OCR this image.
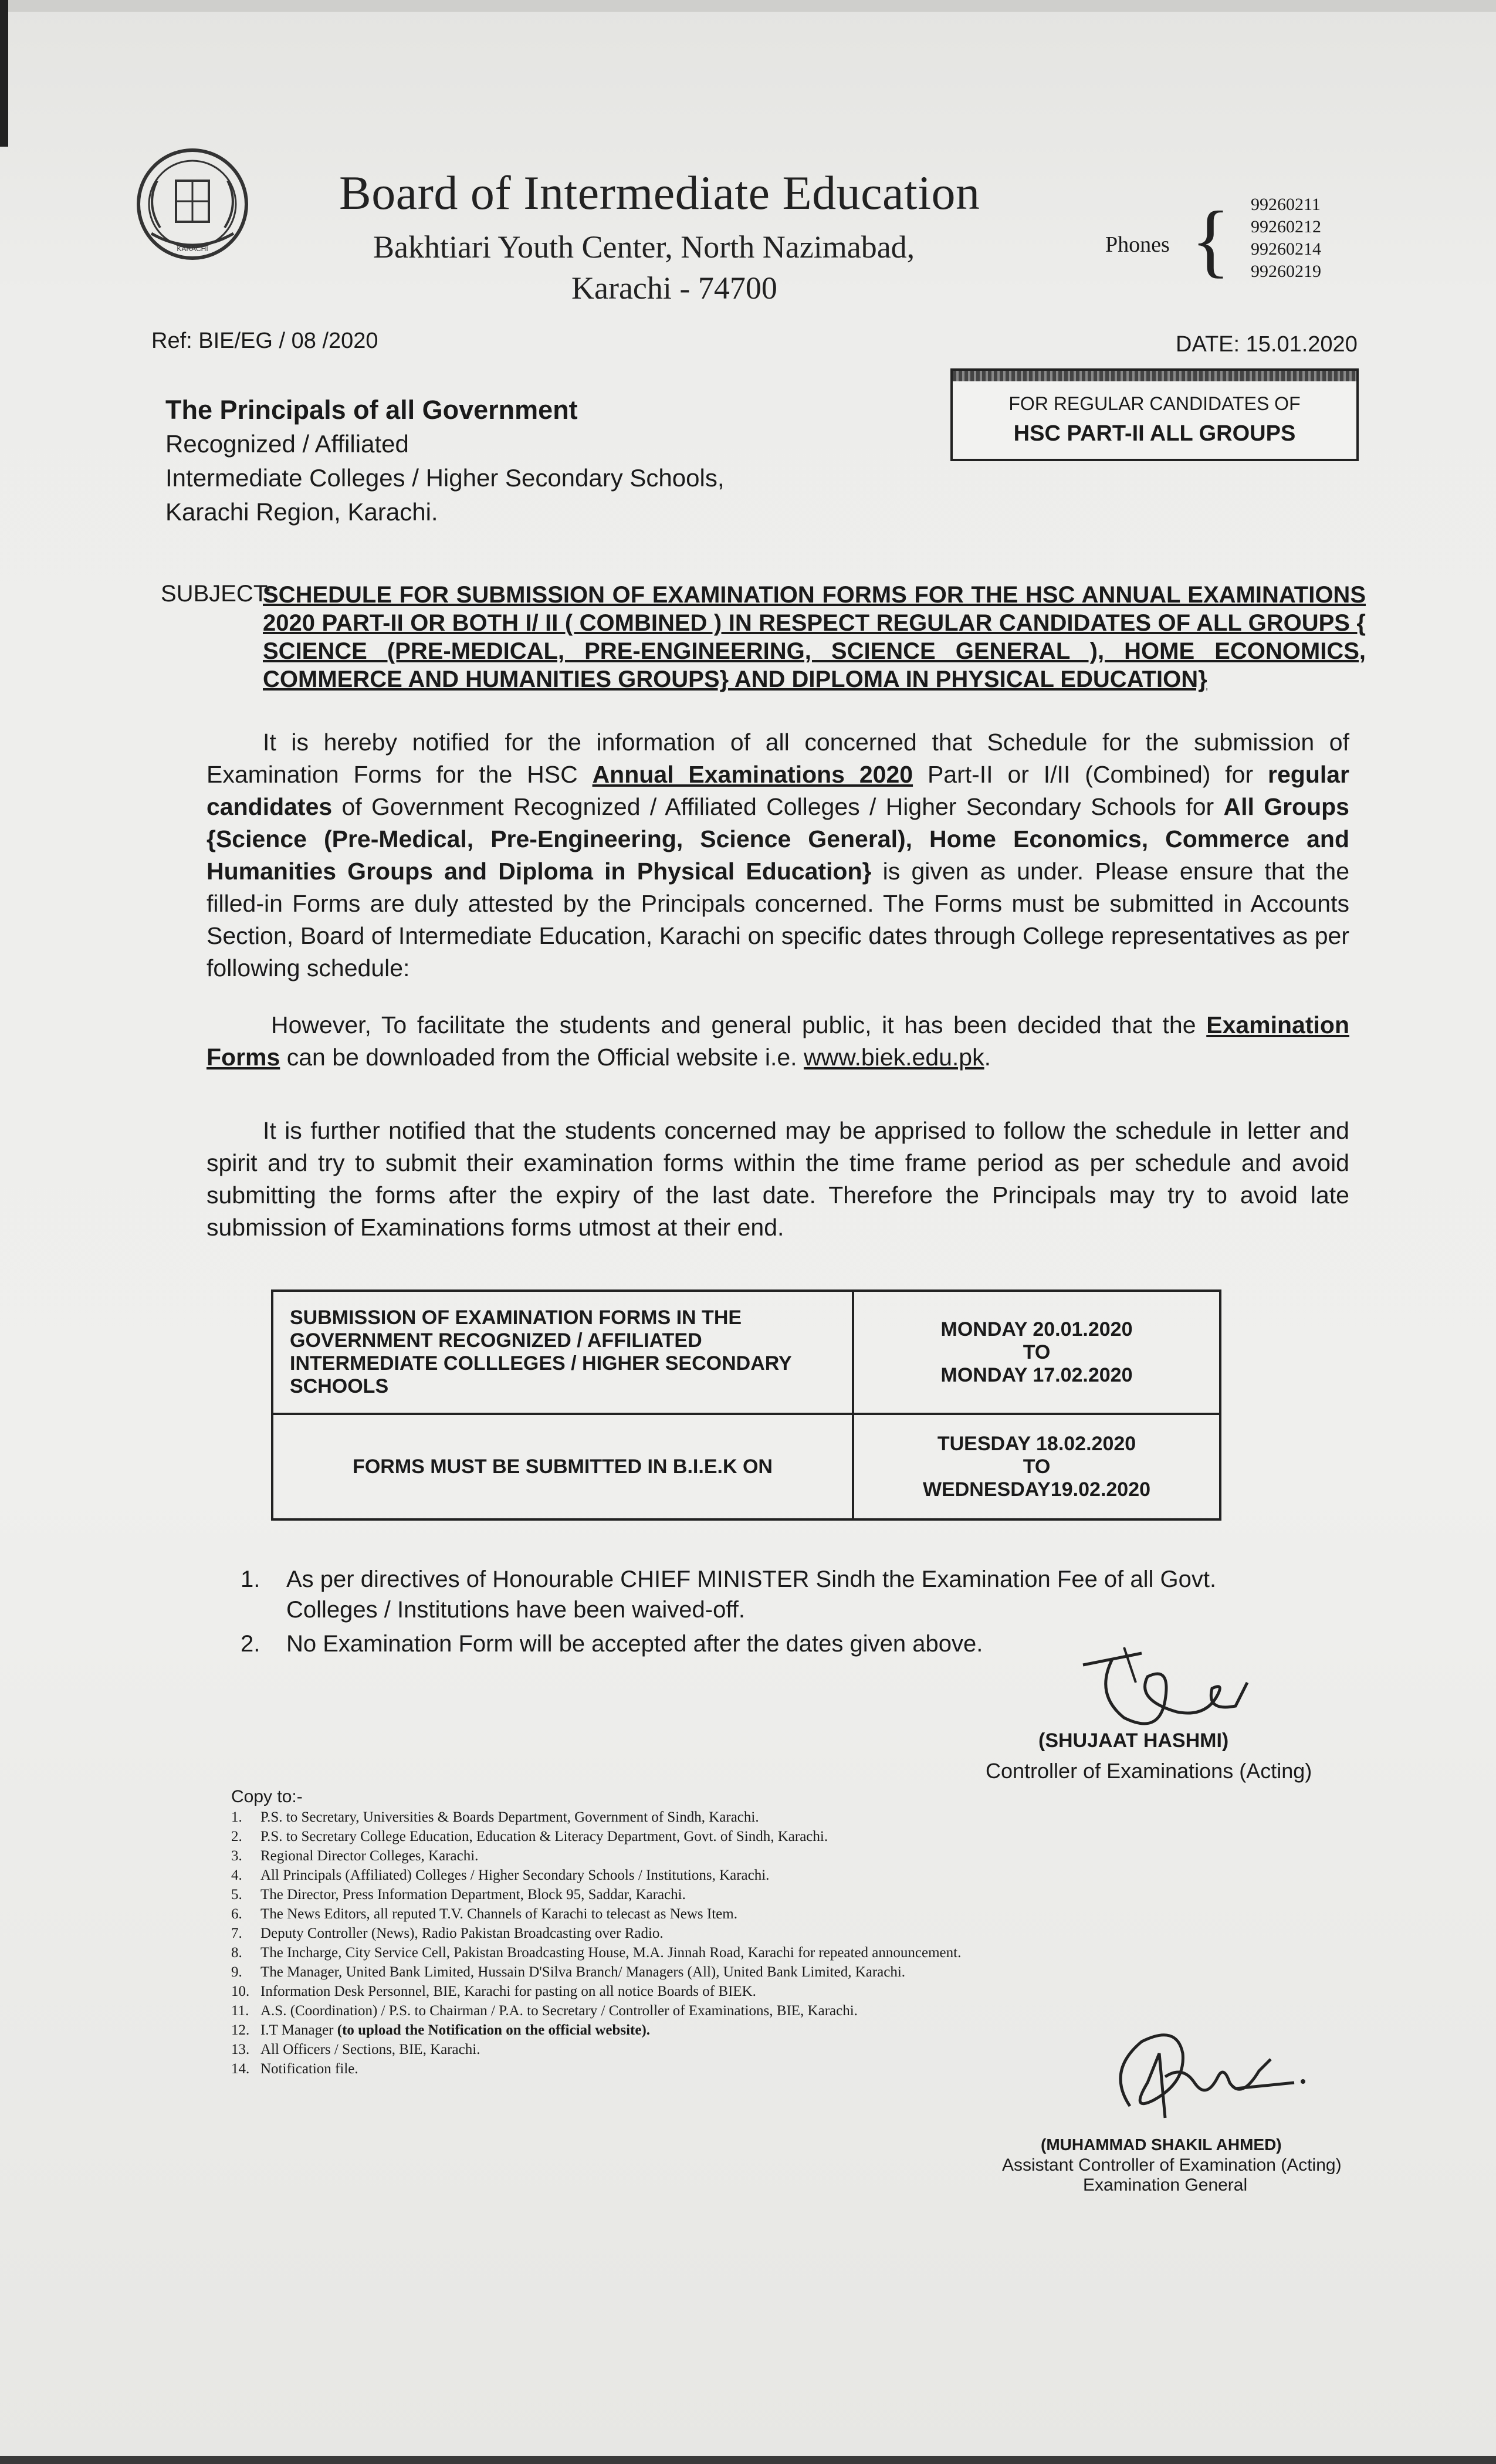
KARACHI
Board of Intermediate Education
Bakhtiari Youth Center, North Nazimabad,
Karachi - 74700
Phones { 99260211
99260212
99260214
99260219
Ref: BIE/EG / 08 /2020	DATE: 15.01.2020
The Principals of all Government
Recognized / Affiliated
Intermediate Colleges / Higher Secondary Schools,
Karachi Region, Karachi.
FOR REGULAR CANDIDATES OF
HSC PART-II ALL GROUPS
SUBJECT:
SCHEDULE FOR SUBMISSION OF EXAMINATION FORMS FOR THE HSC ANNUAL EXAMINATIONS 2020 PART-II OR BOTH I/ II ( COMBINED ) IN RESPECT REGULAR CANDIDATES OF ALL GROUPS { SCIENCE (PRE-MEDICAL, PRE-ENGINEERING, SCIENCE GENERAL ), HOME ECONOMICS, COMMERCE AND HUMANITIES GROUPS} AND DIPLOMA IN PHYSICAL EDUCATION}
It is hereby notified for the information of all concerned that Schedule for the submission of Examination Forms for the HSC Annual Examinations 2020 Part-II or I/II (Combined) for regular candidates of Government Recognized / Affiliated Colleges / Higher Secondary Schools for All Groups {Science (Pre-Medical, Pre-Engineering, Science General), Home Economics, Commerce and Humanities Groups and Diploma in Physical Education} is given as under. Please ensure that the filled-in Forms are duly attested by the Principals concerned. The Forms must be submitted in Accounts Section, Board of Intermediate Education, Karachi on specific dates through College representatives as per following schedule:
However, To facilitate the students and general public, it has been decided that the Examination Forms can be downloaded from the Official website i.e. www.biek.edu.pk.
It is further notified that the students concerned may be apprised to follow the schedule in letter and spirit and try to submit their examination forms within the time frame period as per schedule and avoid submitting the forms after the expiry of the last date. Therefore the Principals may try to avoid late submission of Examinations forms utmost at their end.
SUBMISSION OF EXAMINATION FORMS IN THE GOVERNMENT RECOGNIZED / AFFILIATED INTERMEDIATE COLLLEGES / HIGHER SECONDARY SCHOOLS	MONDAY 20.01.2020
TO
MONDAY 17.02.2020

FORMS MUST BE SUBMITTED IN B.I.E.K ON	TUESDAY 18.02.2020
TO
WEDNESDAY19.02.2020
1.	As per directives of Honourable CHIEF MINISTER Sindh the Examination Fee of all Govt. Colleges / Institutions have been waived-off.
2.	No Examination Form will be accepted after the dates given above.
(SHUJAAT HASHMI)
Controller of Examinations (Acting)
Copy to:-
1.	P.S. to Secretary, Universities & Boards Department, Government of Sindh, Karachi.
2.	P.S. to Secretary College Education, Education & Literacy Department, Govt. of Sindh, Karachi.
3.	Regional Director Colleges, Karachi.
4.	All Principals (Affiliated) Colleges / Higher Secondary Schools / Institutions, Karachi.
5.	The Director, Press Information Department, Block 95, Saddar, Karachi.
6.	The News Editors, all reputed T.V. Channels of Karachi to telecast as News Item.
7.	Deputy Controller (News), Radio Pakistan Broadcasting over Radio.
8.	The Incharge, City Service Cell, Pakistan Broadcasting House, M.A. Jinnah Road, Karachi for repeated announcement.
9.	The Manager, United Bank Limited, Hussain D'Silva Branch/ Managers (All), United Bank Limited, Karachi.
10. Information Desk Personnel, BIE, Karachi for pasting on all notice Boards of BIEK.
11. A.S. (Coordination) / P.S. to Chairman / P.A. to Secretary / Controller of Examinations, BIE, Karachi.
12. I.T Manager
(to upload the Notification on the official website).
13. All Officers / Sections, BIE, Karachi.
14. Notification file.
(MUHAMMAD SHAKIL AHMED)
Assistant Controller of Examination (Acting)
Examination General
